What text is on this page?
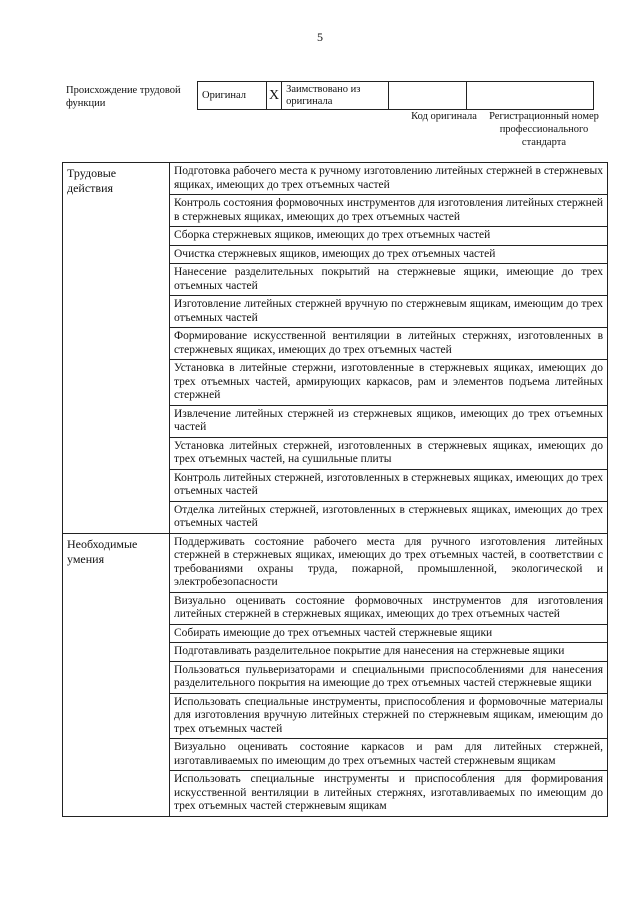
5
Происхождение трудовой функции
Оригинал	X	Заимствовано из оригинала		
Код оригинала	Регистрационный номер профессионального стандарта
Трудовые действия	Подготовка рабочего места к ручному изготовлению литейных стержней в стержневых ящиках, имеющих до трех отъемных частей
	Контроль состояния формовочных инструментов для изготовления литейных стержней в стержневых ящиках, имеющих до трех отъемных частей
	Сборка стержневых ящиков, имеющих до трех отъемных частей
	Очистка стержневых ящиков, имеющих до трех отъемных частей
	Нанесение разделительных покрытий на стержневые ящики, имеющие до трех отъемных частей
	Изготовление литейных стержней вручную по стержневым ящикам, имеющим до трех отъемных частей
	Формирование искусственной вентиляции в литейных стержнях, изготовленных в стержневых ящиках, имеющих до трех отъемных частей
	Установка в литейные стержни, изготовленные в стержневых ящиках, имеющих до трех отъемных частей, армирующих каркасов, рам и элементов подъема литейных стержней
	Извлечение литейных стержней из стержневых ящиков, имеющих до трех отъемных частей
	Установка литейных стержней, изготовленных в стержневых ящиках, имеющих до трех отъемных частей, на сушильные плиты
	Контроль литейных стержней, изготовленных в стержневых ящиках, имеющих до трех отъемных частей
	Отделка литейных стержней, изготовленных в стержневых ящиках, имеющих до трех отъемных частей
Необходимые умения	Поддерживать состояние рабочего места для ручного изготовления литейных стержней в стержневых ящиках, имеющих до трех отъемных частей, в соответствии с требованиями охраны труда, пожарной, промышленной, экологической и электробезопасности
	Визуально оценивать состояние формовочных инструментов для изготовления литейных стержней в стержневых ящиках, имеющих до трех отъемных частей
	Собирать имеющие до трех отъемных частей стержневые ящики
	Подготавливать разделительное покрытие для нанесения на стержневые ящики
	Пользоваться пульверизаторами и специальными приспособлениями для нанесения разделительного покрытия на имеющие до трех отъемных частей стержневые ящики
	Использовать специальные инструменты, приспособления и формовочные материалы для изготовления вручную литейных стержней по стержневым ящикам, имеющим до трех отъемных частей
	Визуально оценивать состояние каркасов и рам для литейных стержней, изготавливаемых по имеющим до трех отъемных частей стержневым ящикам
	Использовать специальные инструменты и приспособления для формирования искусственной вентиляции в литейных стержнях, изготавливаемых по имеющим до трех отъемных частей стержневым ящикам
